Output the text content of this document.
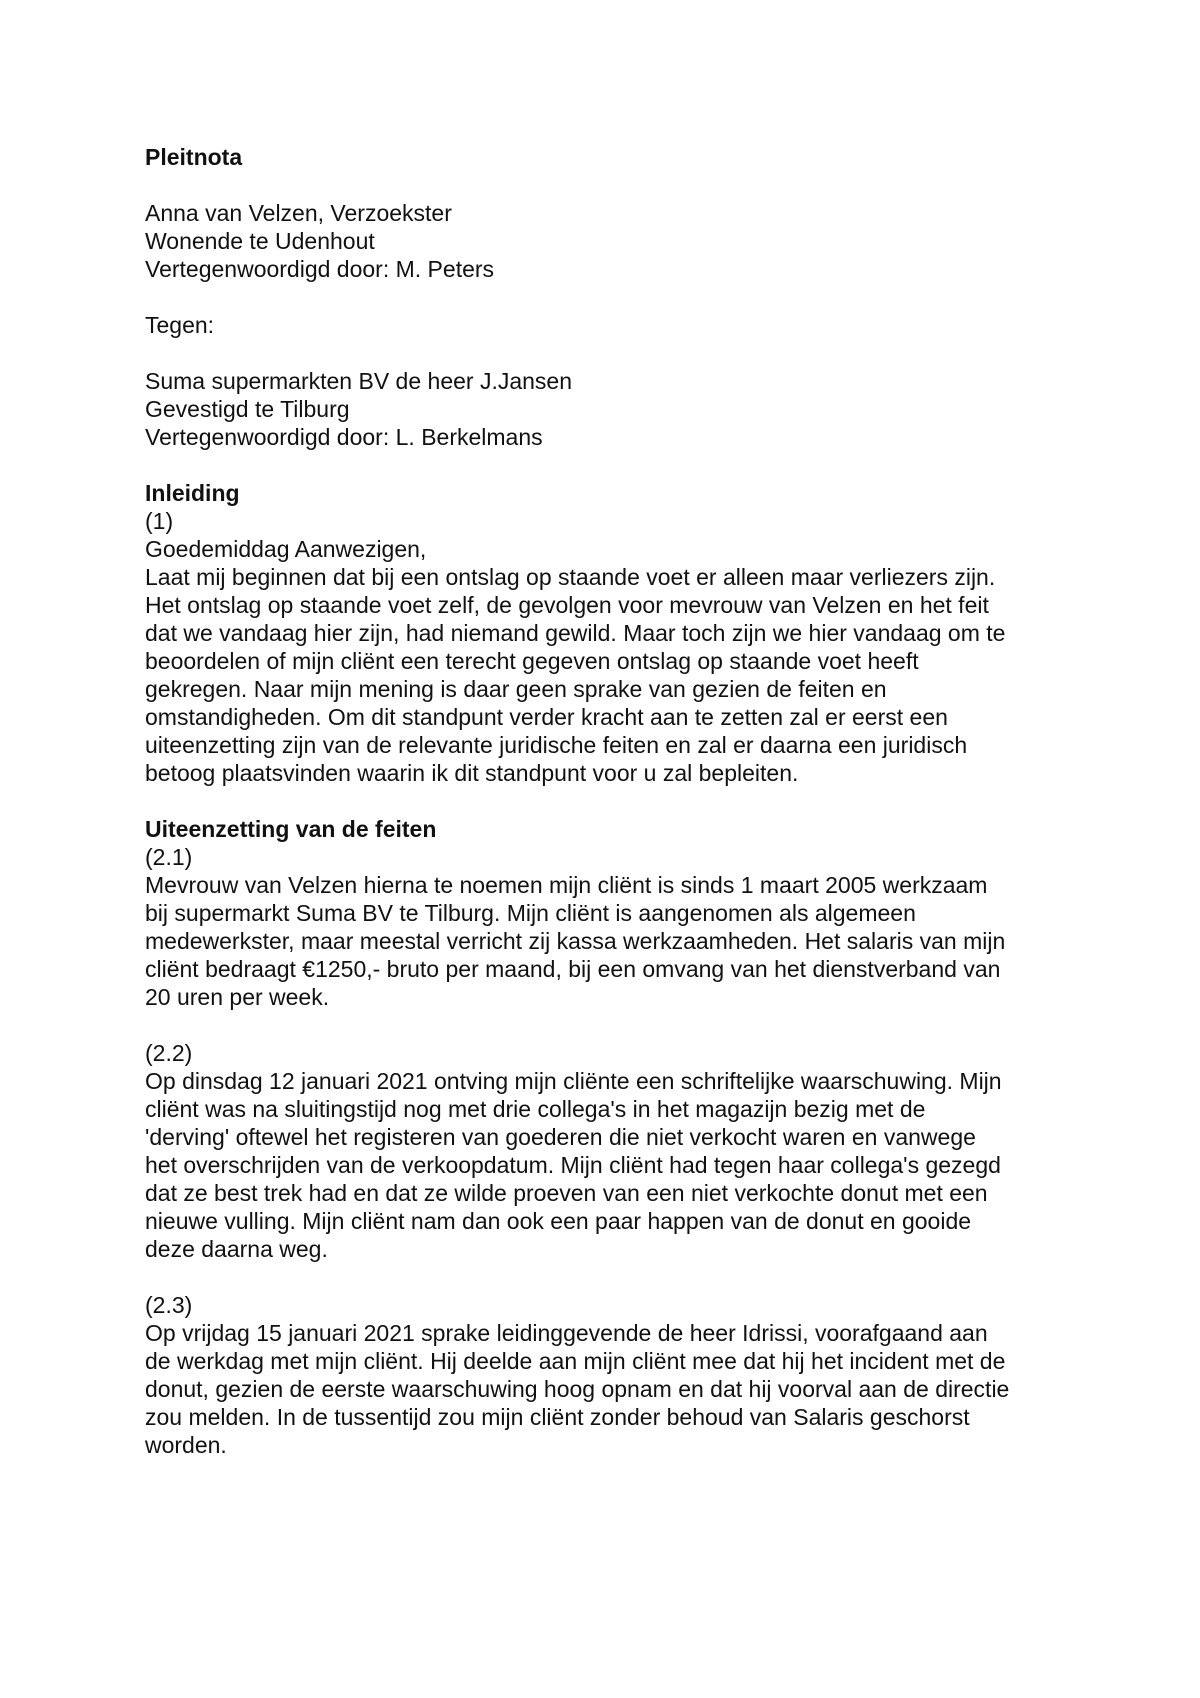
Pleitnota
Anna van Velzen, Verzoekster
Wonende te Udenhout
Vertegenwoordigd door: M. Peters
Tegen:
Suma supermarkten BV de heer J.Jansen
Gevestigd te Tilburg
Vertegenwoordigd door: L. Berkelmans
Inleiding
(1)
Goedemiddag Aanwezigen,
Laat mij beginnen dat bij een ontslag op staande voet er alleen maar verliezers zijn.
Het ontslag op staande voet zelf, de gevolgen voor mevrouw van Velzen en het feit
dat we vandaag hier zijn, had niemand gewild. Maar toch zijn we hier vandaag om te
beoordelen of mijn cliënt een terecht gegeven ontslag op staande voet heeft
gekregen. Naar mijn mening is daar geen sprake van gezien de feiten en
omstandigheden. Om dit standpunt verder kracht aan te zetten zal er eerst een
uiteenzetting zijn van de relevante juridische feiten en zal er daarna een juridisch
betoog plaatsvinden waarin ik dit standpunt voor u zal bepleiten.
Uiteenzetting van de feiten
(2.1)
Mevrouw van Velzen hierna te noemen mijn cliënt is sinds 1 maart 2005 werkzaam
bij supermarkt Suma BV te Tilburg. Mijn cliënt is aangenomen als algemeen
medewerkster, maar meestal verricht zij kassa werkzaamheden. Het salaris van mijn
cliënt bedraagt €1250,- bruto per maand, bij een omvang van het dienstverband van
20 uren per week.
(2.2)
Op dinsdag 12 januari 2021 ontving mijn cliënte een schriftelijke waarschuwing. Mijn
cliënt was na sluitingstijd nog met drie collega's in het magazijn bezig met de
'derving' oftewel het registeren van goederen die niet verkocht waren en vanwege
het overschrijden van de verkoopdatum. Mijn cliënt had tegen haar collega's gezegd
dat ze best trek had en dat ze wilde proeven van een niet verkochte donut met een
nieuwe vulling. Mijn cliënt nam dan ook een paar happen van de donut en gooide
deze daarna weg.
(2.3)
Op vrijdag 15 januari 2021 sprake leidinggevende de heer Idrissi, voorafgaand aan
de werkdag met mijn cliënt. Hij deelde aan mijn cliënt mee dat hij het incident met de
donut, gezien de eerste waarschuwing hoog opnam en dat hij voorval aan de directie
zou melden. In de tussentijd zou mijn cliënt zonder behoud van Salaris geschorst
worden.
